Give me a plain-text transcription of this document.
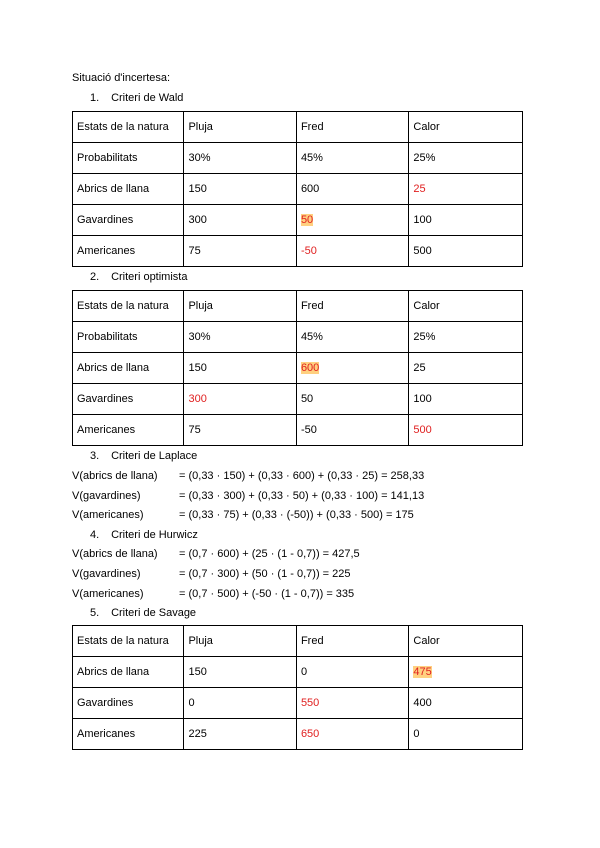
Situació d'incertesa:
1. Criteri de Wald
Estats de la natura	Pluja	Fred	Calor
Probabilitats	30%	45%	25%
Abrics de llana	150	600	25
Gavardines	300	50	100
Americanes	75	-50	500
2. Criteri optimista
Estats de la natura	Pluja	Fred	Calor
Probabilitats	30%	45%	25%
Abrics de llana	150	600	25
Gavardines	300	50	100
Americanes	75	-50	500
3. Criteri de Laplace
V(abrics de llana) = (0,33 · 150) + (0,33 · 600) + (0,33 · 25) = 258,33
V(gavardines)	= (0,33 · 300) + (0,33 · 50) + (0,33 · 100) = 141,13
V(americanes)	= (0,33 · 75) + (0,33 · (-50)) + (0,33 · 500) = 175
4. Criteri de Hurwicz
V(abrics de llana) = (0,7 · 600) + (25 · (1 - 0,7)) = 427,5
V(gavardines)	= (0,7 · 300) + (50 · (1 - 0,7)) = 225
V(americanes)	= (0,7 · 500) + (-50 · (1 - 0,7)) = 335
5. Criteri de Savage
Estats de la natura	Pluja	Fred	Calor
Abrics de llana	150	0	475
Gavardines	0	550	400
Americanes	225	650	0
